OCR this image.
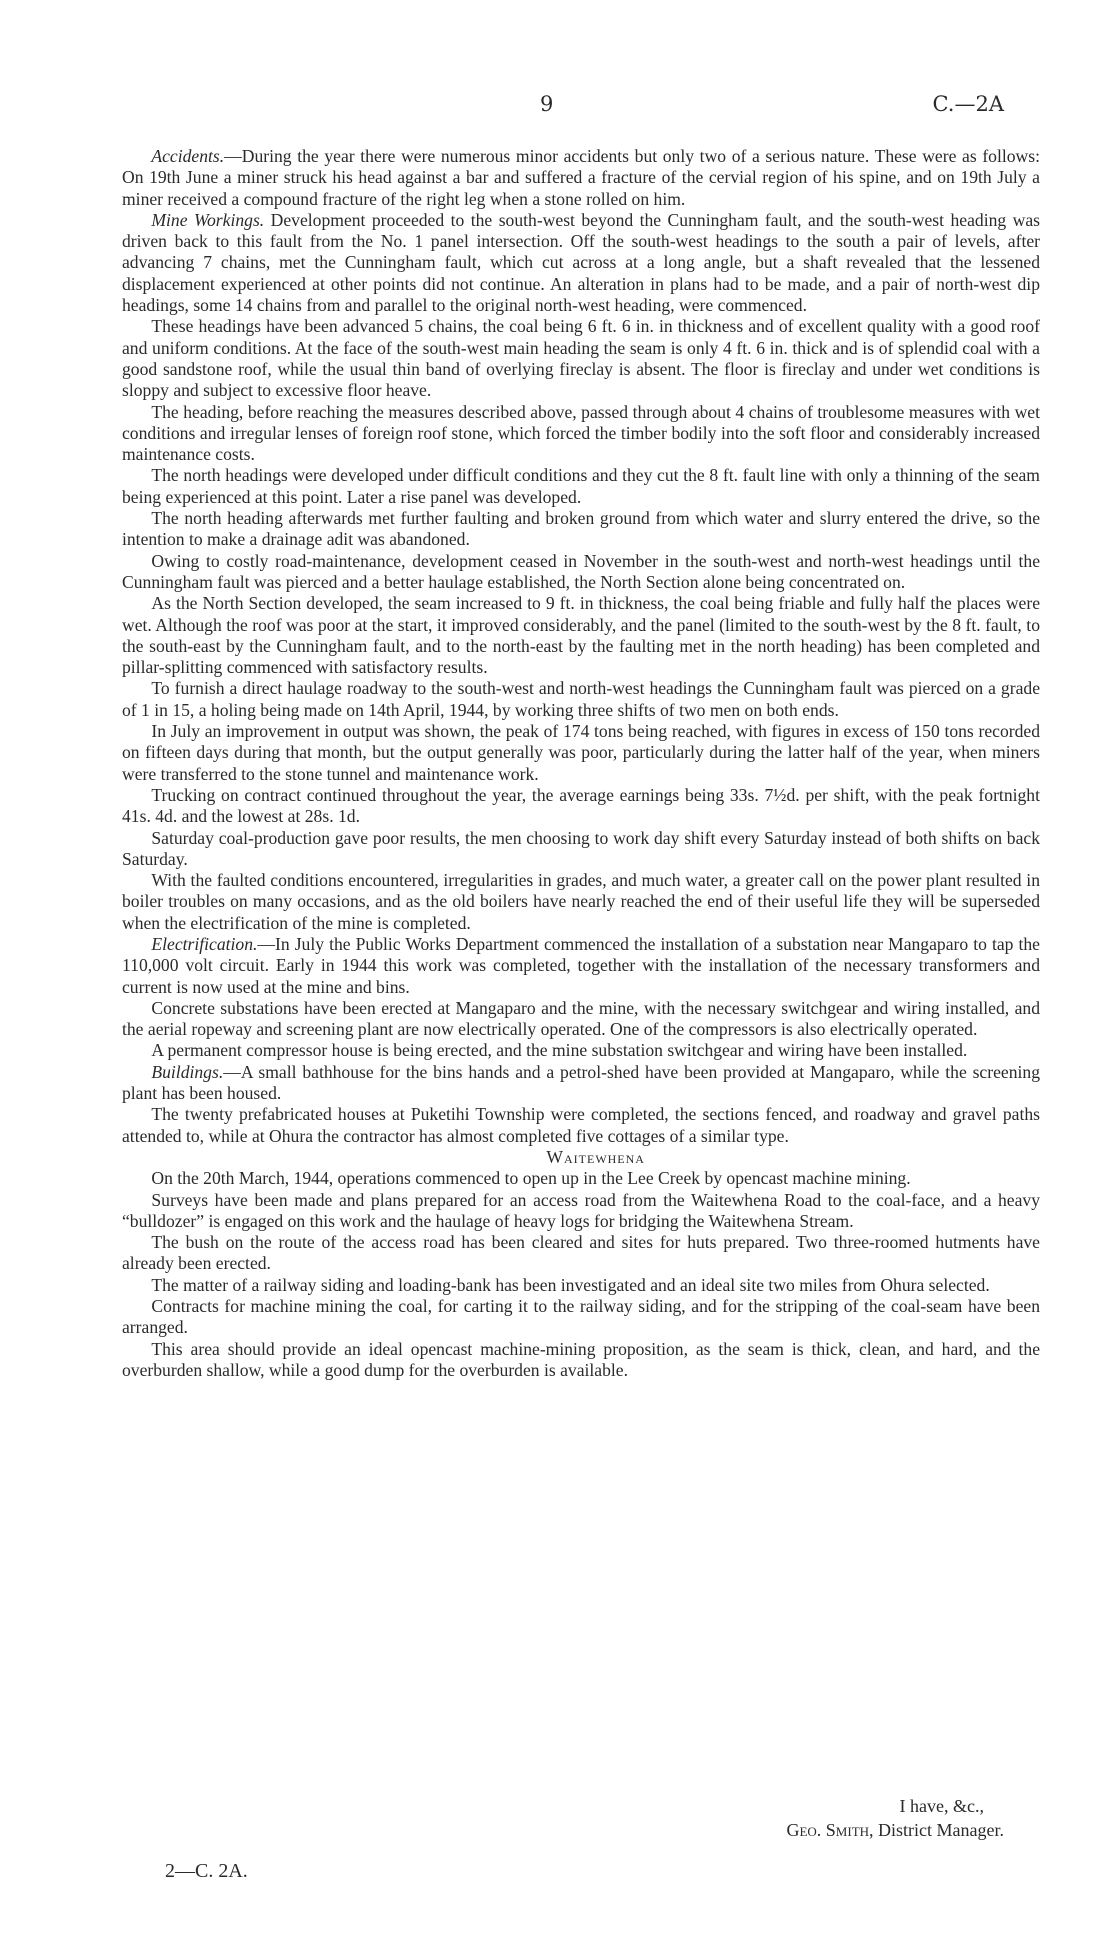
9	C.—2A

Accidents.—During the year there were numerous minor accidents but only two of a serious nature. These were as follows: On 19th June a miner struck his head against a bar and suffered a fracture of the cervial region of his spine, and on 19th July a miner received a compound fracture of the right leg when a stone rolled on him.

Mine Workings. Development proceeded to the south-west beyond the Cunningham fault, and the south-west heading was driven back to this fault from the No. 1 panel intersection. Off the south-west headings to the south a pair of levels, after advancing 7 chains, met the Cunningham fault, which cut across at a long angle, but a shaft revealed that the lessened displacement experienced at other points did not continue. An alteration in plans had to be made, and a pair of north-west dip headings, some 14 chains from and parallel to the original north-west heading, were commenced.

These headings have been advanced 5 chains, the coal being 6 ft. 6 in. in thickness and of excellent quality with a good roof and uniform conditions. At the face of the south-west main heading the seam is only 4 ft. 6 in. thick and is of splendid coal with a good sandstone roof, while the usual thin band of overlying fireclay is absent. The floor is fireclay and under wet conditions is sloppy and subject to excessive floor heave.

The heading, before reaching the measures described above, passed through about 4 chains of troublesome measures with wet conditions and irregular lenses of foreign roof stone, which forced the timber bodily into the soft floor and considerably increased maintenance costs.

The north headings were developed under difficult conditions and they cut the 8 ft. fault line with only a thinning of the seam being experienced at this point. Later a rise panel was developed.

The north heading afterwards met further faulting and broken ground from which water and slurry entered the drive, so the intention to make a drainage adit was abandoned.

Owing to costly road-maintenance, development ceased in November in the south-west and north-west headings until the Cunningham fault was pierced and a better haulage established, the North Section alone being concentrated on.

As the North Section developed, the seam increased to 9 ft. in thickness, the coal being friable and fully half the places were wet. Although the roof was poor at the start, it improved considerably, and the panel (limited to the south-west by the 8 ft. fault, to the south-east by the Cunningham fault, and to the north-east by the faulting met in the north heading) has been completed and pillar-splitting commenced with satisfactory results.

To furnish a direct haulage roadway to the south-west and north-west headings the Cunningham fault was pierced on a grade of 1 in 15, a holing being made on 14th April, 1944, by working three shifts of two men on both ends.

In July an improvement in output was shown, the peak of 174 tons being reached, with figures in excess of 150 tons recorded on fifteen days during that month, but the output generally was poor, particularly during the latter half of the year, when miners were transferred to the stone tunnel and maintenance work.

Trucking on contract continued throughout the year, the average earnings being 33s. 7½d. per shift, with the peak fortnight 41s. 4d. and the lowest at 28s. 1d.

Saturday coal-production gave poor results, the men choosing to work day shift every Saturday instead of both shifts on back Saturday.

With the faulted conditions encountered, irregularities in grades, and much water, a greater call on the power plant resulted in boiler troubles on many occasions, and as the old boilers have nearly reached the end of their useful life they will be superseded when the electrification of the mine is completed.

Electrification.—In July the Public Works Department commenced the installation of a substation near Mangaparo to tap the 110,000 volt circuit. Early in 1944 this work was completed, together with the installation of the necessary transformers and current is now used at the mine and bins.

Concrete substations have been erected at Mangaparo and the mine, with the necessary switchgear and wiring installed, and the aerial ropeway and screening plant are now electrically operated. One of the compressors is also electrically operated.

A permanent compressor house is being erected, and the mine substation switchgear and wiring have been installed.

Buildings.—A small bathhouse for the bins hands and a petrol-shed have been provided at Mangaparo, while the screening plant has been housed.

The twenty prefabricated houses at Puketihi Township were completed, the sections fenced, and roadway and gravel paths attended to, while at Ohura the contractor has almost completed five cottages of a similar type.

Waitewhena

On the 20th March, 1944, operations commenced to open up in the Lee Creek by opencast machine mining.

Surveys have been made and plans prepared for an access road from the Waitewhena Road to the coal-face, and a heavy “bulldozer” is engaged on this work and the haulage of heavy logs for bridging the Waitewhena Stream.

The bush on the route of the access road has been cleared and sites for huts prepared. Two three-roomed hutments have already been erected.

The matter of a railway siding and loading-bank has been investigated and an ideal site two miles from Ohura selected.

Contracts for machine mining the coal, for carting it to the railway siding, and for the stripping of the coal-seam have been arranged.

This area should provide an ideal opencast machine-mining proposition, as the seam is thick, clean, and hard, and the overburden shallow, while a good dump for the overburden is available.

I have, &c.,
Geo. Smith, District Manager.
2—C. 2A.
